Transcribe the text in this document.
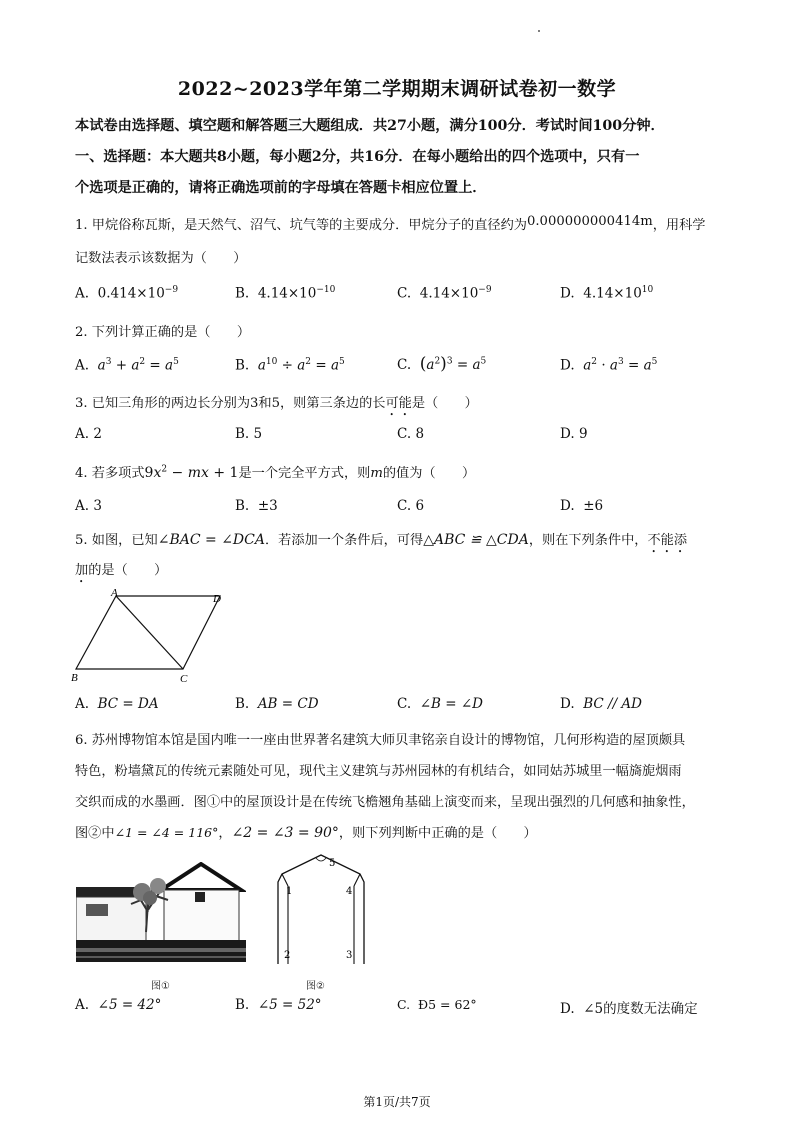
2022~2023学年第二学期期末调研试卷初一数学
本试卷由选择题、填空题和解答题三大题组成．共27小题，满分100分．考试时间100分钟．
一、选择题：本大题共8小题，每小题2分，共16分．在每小题给出的四个选项中，只有一
个选项是正确的，请将正确选项前的字母填在答题卡相应位置上．
1. 甲烷俗称瓦斯，是天然气、沼气、坑气等的主要成分．甲烷分子的直径约为0.000000000414m，用科学
记数法表示该数据为（　　）
A. $0.414\times 10^{-9}$	B. $4.14\times 10^{-10}$	C. $4.14\times 10^{-9}$	D. $4.14\times 10^{10}$
2. 下列计算正确的是（　　）
A. $a^3 + a^2 = a^5$	B. $a^{10} \div a^2 = a^5$	C. $(a^2)^3 = a^5$	D. $a^2 \cdot a^3 = a^5$
3. 已知三角形的两边长分别为3和5，则第三条边的长可能是（　　）
A. 2	B. 5	C. 8	D. 9
4. 若多项式$9x^2$ − mx + 1是一个完全平方式，则m的值为（　　）
A. 3	B. ±3	C. 6	D. ±6
5. 如图，已知∠BAC = ∠DCA．若添加一个条件后，可得△ABC ≌ △CDA，则在下列条件中，不能添
加的是（　　）
A	D
B	C
A. BC = DA	B. AB = CD	C. ∠B = ∠D	D. BC // AD
6. 苏州博物馆本馆是国内唯一一座由世界著名建筑大师贝聿铭亲自设计的博物馆，几何形构造的屋顶颇具
特色，粉墙黛瓦的传统元素随处可见，现代主义建筑与苏州园林的有机结合，如同姑苏城里一幅旖旎烟雨
交织而成的水墨画．图①中的屋顶设计是在传统飞檐翘角基础上演变而来，呈现出强烈的几何感和抽象性，
图②中∠1 = ∠4 = 116°，∠2 = ∠3 = 90°，则下列判断中正确的是（　　）
图①
1
2	3
4
5
图②
A. ∠5 = 42°	B. ∠5 = 52°	C. Ð5 = 62°	D. ∠5的度数无法确定
第1页/共7页
